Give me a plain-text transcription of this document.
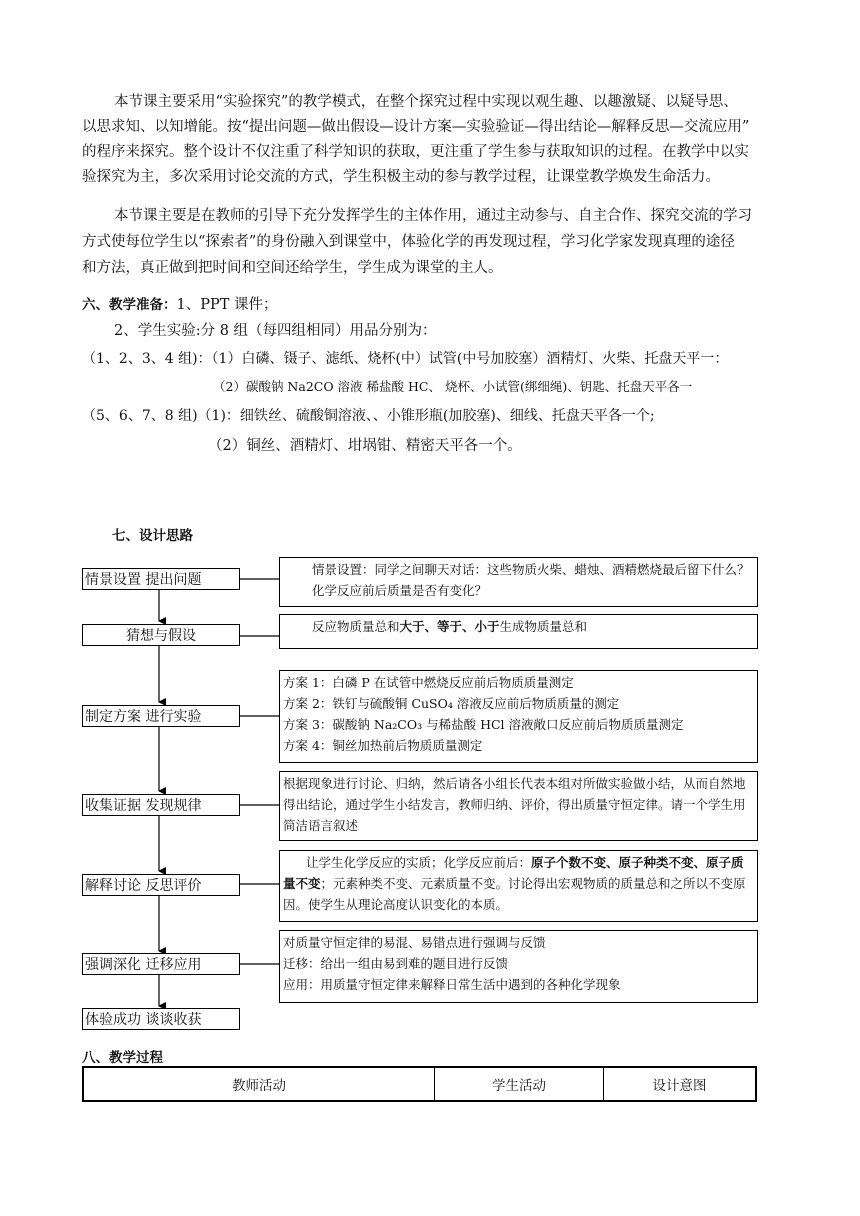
本节课主要采用“实验探究”的教学模式，在整个探究过程中实现以观生趣、以趣激疑、以疑导思、
以思求知、以知增能。按“提出问题—做出假设—设计方案—实验验证—得出结论—解释反思—交流应用”
的程序来探究。整个设计不仅注重了科学知识的获取，更注重了学生参与获取知识的过程。在教学中以实
验探究为主，多次采用讨论交流的方式，学生积极主动的参与教学过程，让课堂教学焕发生命活力。
本节课主要是在教师的引导下充分发挥学生的主体作用，通过主动参与、自主合作、探究交流的学习
方式使每位学生以“探索者”的身份融入到课堂中，体验化学的再发现过程，学习化学家发现真理的途径
和方法，真正做到把时间和空间还给学生，学生成为课堂的主人。
六、教学准备：1、PPT 课件；
2、学生实验:分 8 组（每四组相同）用品分别为：
（1、2、3、4 组)：（1）白磷、镊子、滤纸、烧杯(中）试管(中号加胶塞）酒精灯、火柴、托盘天平一：
（2）碳酸钠 Na2CO 溶液 稀盐酸 HC、 烧杯、小试管(绑细绳)、钥匙、托盘天平各一
（5、6、7、8 组)（1)：细铁丝、硫酸铜溶液、、小锥形瓶(加胶塞)、细线、托盘天平各一个;
（2）铜丝、酒精灯、坩埚钳、精密天平各一个。
七、设计思路
情景设置 提出问题
猜想与假设
制定方案 进行实验
收集证据 发现规律
解释讨论 反思评价
强调深化 迁移应用
体验成功 谈谈收获
情景设置：同学之间聊天对话：这些物质火柴、蜡烛、酒精燃烧最后留下什么？
化学反应前后质量是否有变化？
反应物质量总和大于、等于、小于生成物质量总和
方案 1：白磷 P 在试管中燃烧反应前后物质质量测定
方案 2：铁钉与硫酸铜 CuSO₄ 溶液反应前后物质质量的测定
方案 3：碳酸钠 Na₂CO₃ 与稀盐酸 HCl 溶液敞口反应前后物质质量测定
方案 4：铜丝加热前后物质质量测定
根据现象进行讨论、归纳，然后请各小组长代表本组对所做实验做小结，从而自然地
得出结论，通过学生小结发言，教师归纳、评价，得出质量守恒定律。请一个学生用
简洁语言叙述
让学生化学反应的实质；化学反应前后：原子个数不变、原子种类不变、原子质
量不变；元素种类不变、元素质量不变。讨论得出宏观物质的质量总和之所以不变原
因。使学生从理论高度认识变化的本质。
对质量守恒定律的易混、易错点进行强调与反馈
迁移：给出一组由易到难的题目进行反馈
应用：用质量守恒定律来解释日常生活中遇到的各种化学现象
八、教学过程
教师活动	学生活动	设计意图
